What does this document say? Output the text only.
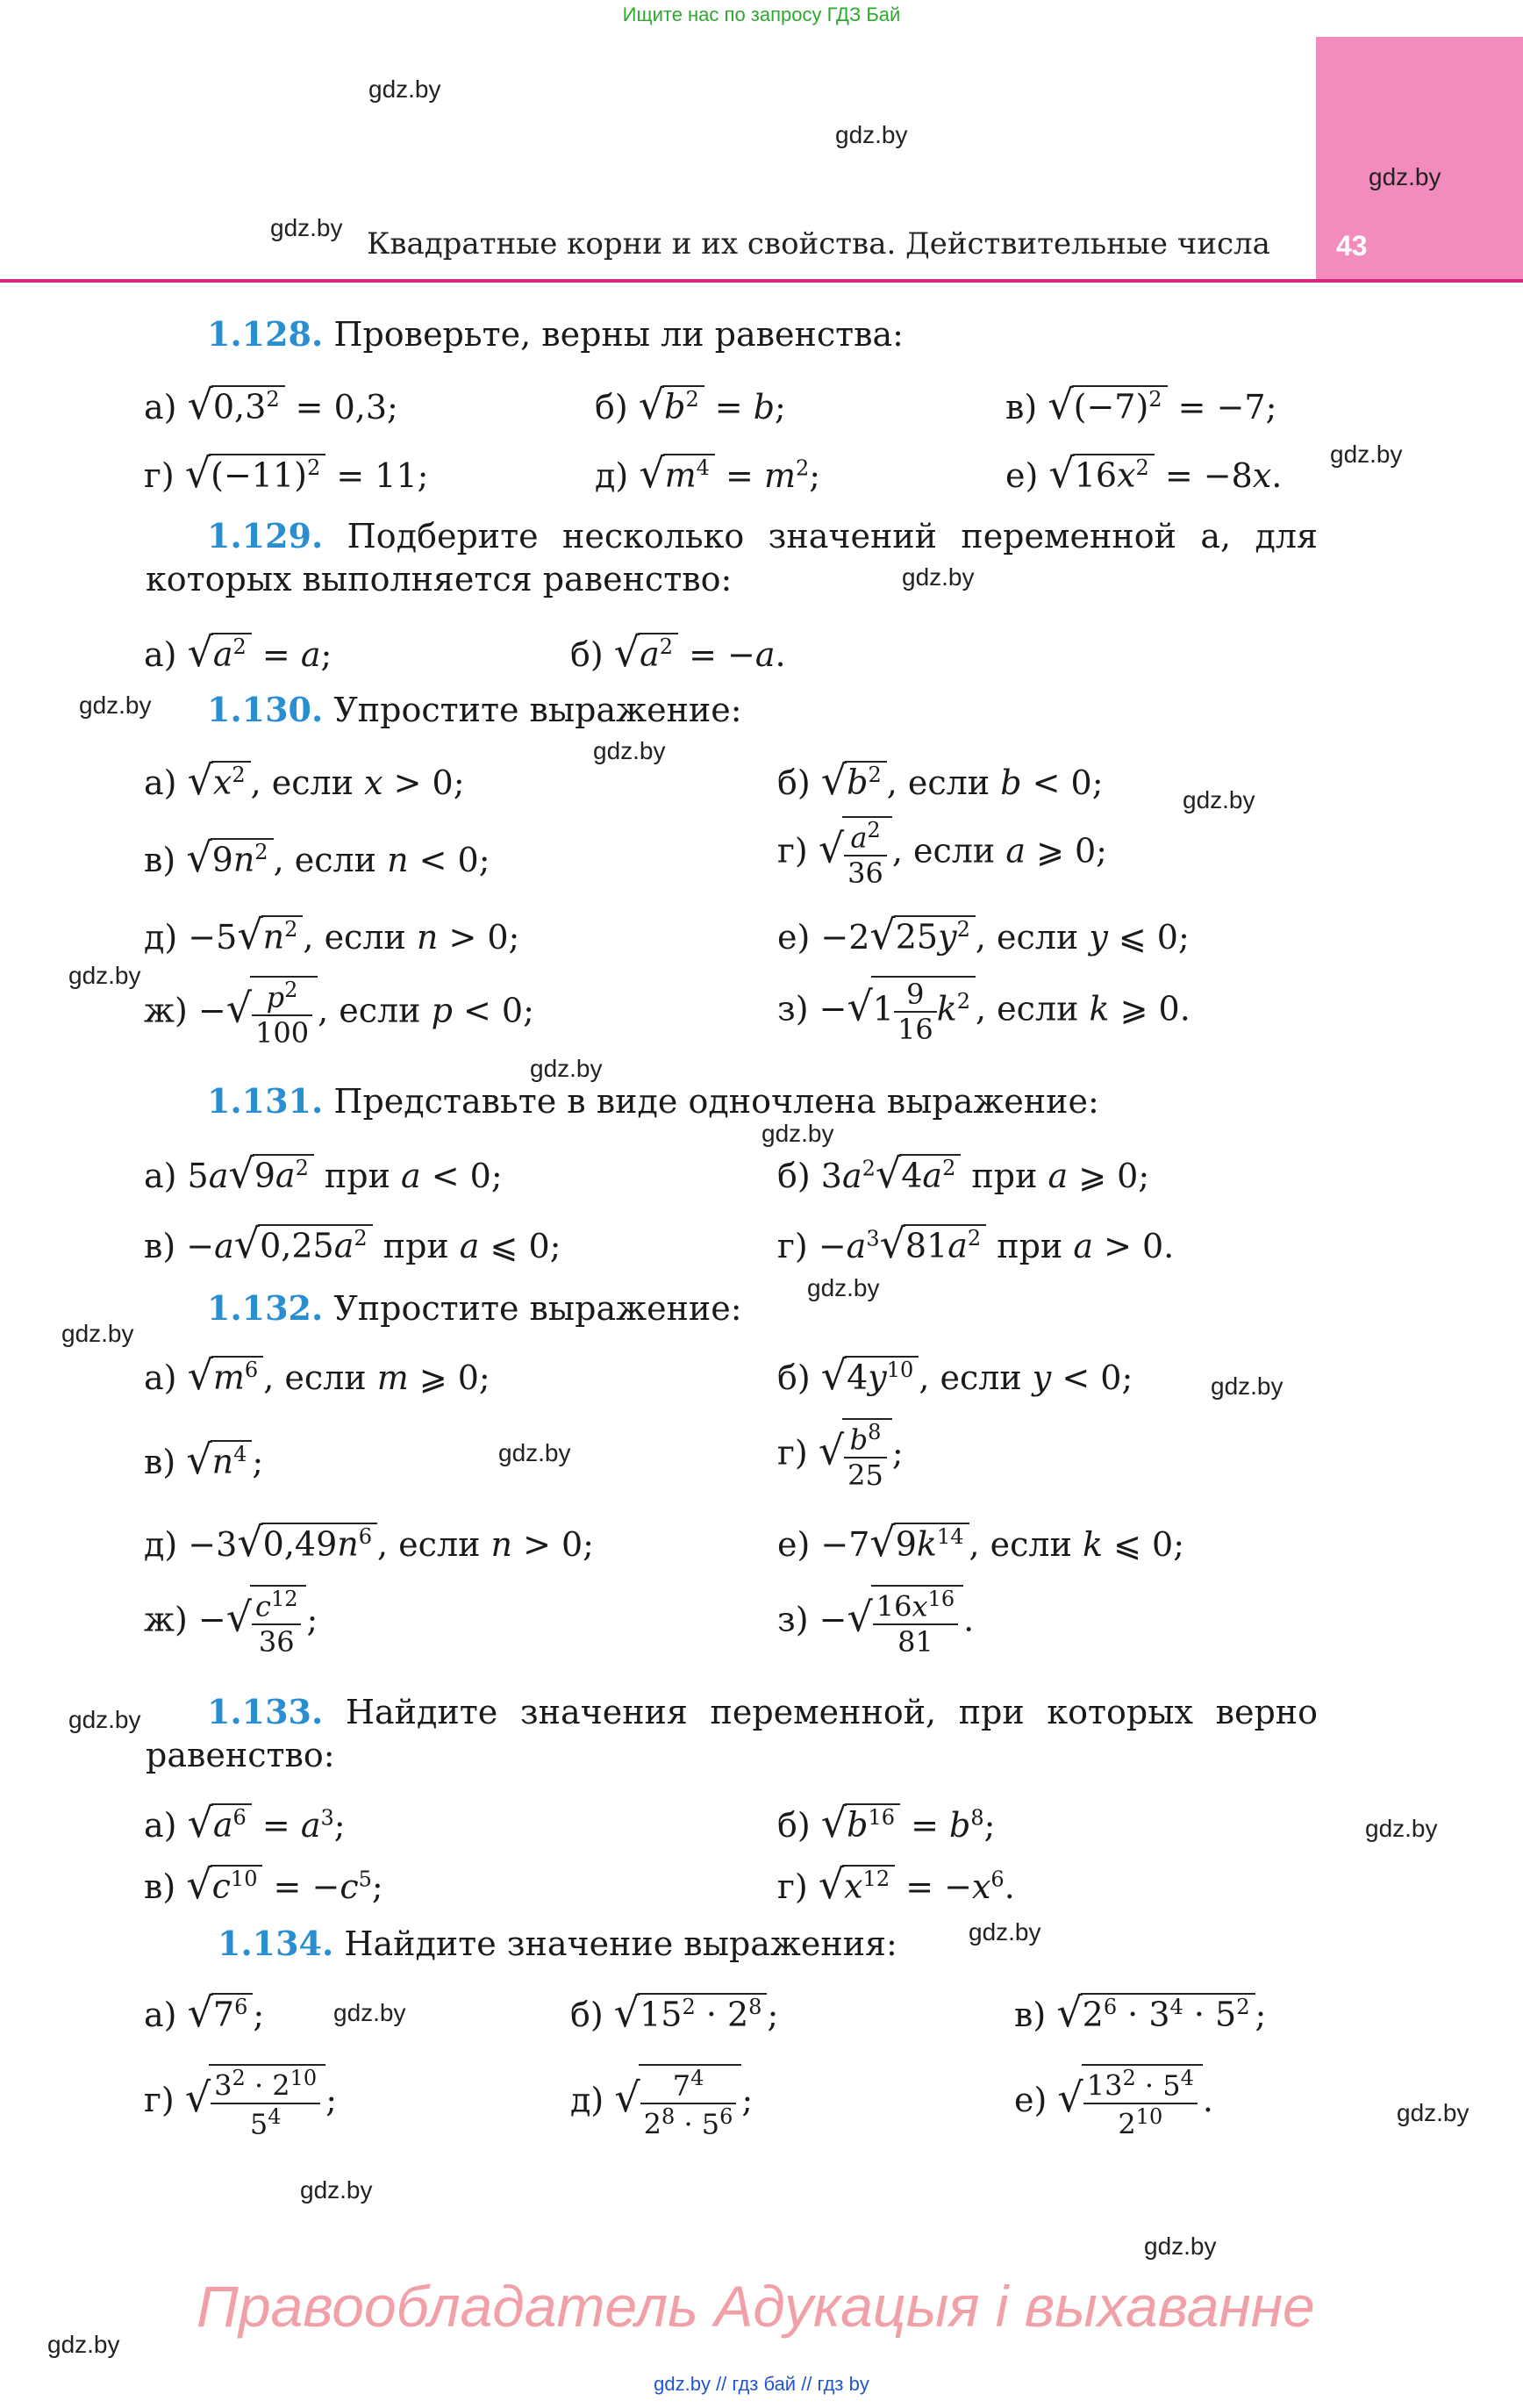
Ищите нас по запросу ГДЗ Бай
43
Квадратные корни и их свойства. Действительные числа
gdz.by
gdz.by
gdz.by
gdz.by
gdz.by
gdz.by
gdz.by
gdz.by
gdz.by
gdz.by
gdz.by
gdz.by
gdz.by
gdz.by
gdz.by
gdz.by
gdz.by
gdz.by
gdz.by
gdz.by
gdz.by
gdz.by
gdz.by
gdz.by
1.128. Проверьте, верны ли равенства:
а) $√0,3^2 = 0,3$;	б) $√b^2 = b$;	в) $√(-7)^2 = -7$;
г) $√(-11)^2 = 11$;	д) $√m^4 = m^2$;	е) $√16x^2 = -8x$.
1.129. Подберите несколько значений переменной a, для которых выполняется равенство:
а) $√a^2 = a$;	б) $√a^2 = -a$.
1.130. Упростите выражение:
а) $√x^2$ , если x > 0;	б) $√b^2$ , если b < 0;
в) $√9n^2$ , если n < 0;	г) √ $\frac{a^2}{36}$ , если a ⩾ 0;
$д) -5√n^2$ , если n > 0;	$е) -2√25y^2$ , если y ⩽ 0;
ж) −√ $\frac{p^2}{100}$ , если p < 0;	$з) -√1 \frac{9}{16} k^2$ , если k ⩾ 0.
1.131. Представьте в виде одночлена выражение:
а) $5a√9a^2$ при a < 0;	б) $3a^2√4a^2$ при a ⩾ 0;
$в) -a√0,25a^2$ при a ⩽ 0;	$г) -a^3√81a^2$ при a > 0.
1.132. Упростите выражение:
а) $√m^6$ , если m ⩾ 0;	б) $√4y^{10}$ , если y < 0;
в) $√n^4$ ;	г) √ $\frac{b^8}{25}$ ;
$д) -3√0,49n^6$ , если n > 0;	$е) -7√9k^{14}$ , если k ⩽ 0;
ж) −√ $\frac{c^{12}}{36}$ ;	з) −√ $\frac{16x^{16}}{81}$ .
1.133. Найдите значения переменной, при которых верно равенство:
а) $√a^6 = a^3$;	б) $√b^{16} = b^8$;
в) $√c^{10} = -c^5$;	г) $√x^{12} = -x^6$.
1.134. Найдите значение выражения:
а) $√7^6$ ;	б) $√15^2 \cdot 2^8$ ;	в) $√2^6 \cdot 3^4 \cdot 5^2$ ;
г) √ $\frac{3^2 \cdot 2^{10}}{5^4}$ ;	д) √ $\frac{7^4}{2^8 \cdot 5^6}$ ;	е) √ $\frac{13^2 \cdot 5^4}{2^{10}}$ .
Правообладатель Адукацыя і выхаванне
gdz.by // гдз бай // гдз by
